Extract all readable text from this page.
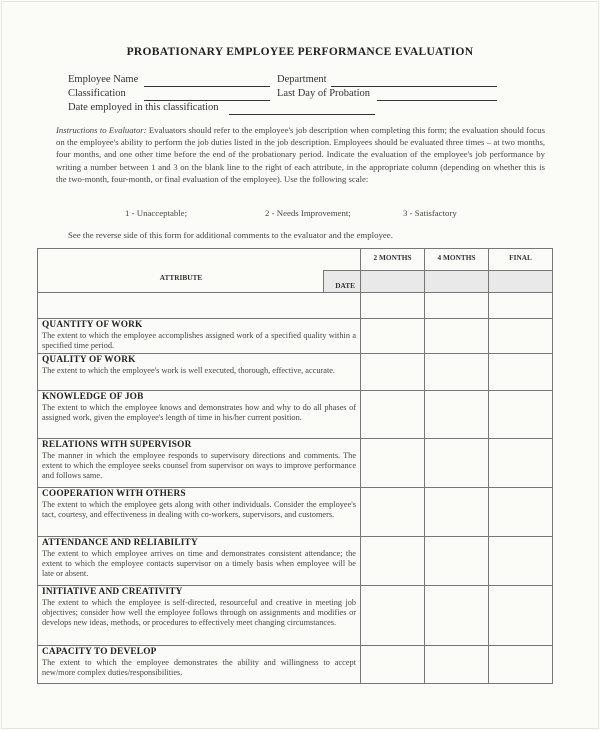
PROBATIONARY EMPLOYEE PERFORMANCE EVALUATION
Employee Name	Department
Classification	Last Day of Probation
Date employed in this classification
Instructions to Evaluator: Evaluators should refer to the employee's job description when completing this form; the evaluation should focus on the employee's ability to perform the job duties listed in the job description. Employees should be evaluated three times – at two months, four months, and one other time before the end of the probationary period. Indicate the evaluation of the employee's job performance by writing a number between 1 and 3 on the blank line to the right of each attribute, in the appropriate column (depending on whether this is the two-month, four-month, or final evaluation of the employee). Use the following scale:
1 - Unacceptable;	2 - Needs Improvement;	3 - Satisfactory
See the reverse side of this form for additional comments to the evaluator and the employee.
ATTRIBUTE
	2 MONTHS	4 MONTHS	FINAL

	DATE			

QUANTITY OF WORK
The extent to which the employee accomplishes assigned work of a specified quality within a specified time period.			

QUALITY OF WORK
The extent to which the employee's work is well executed, thorough, effective, accurate.			

KNOWLEDGE OF JOB
The extent to which the employee knows and demonstrates how and why to do all phases of assigned work, given the employee's length of time in his/her current position.			

RELATIONS WITH SUPERVISOR
The manner in which the employee responds to supervisory directions and comments. The extent to which the employee seeks counsel from supervisor on ways to improve performance and follows same.			

COOPERATION WITH OTHERS
The extent to which the employee gets along with other individuals. Consider the employee's tact, courtesy, and effectiveness in dealing with co-workers, supervisors, and customers.			

ATTENDANCE AND RELIABILITY
The extent to which employee arrives on time and demonstrates consistent attendance; the extent to which the employee contacts supervisor on a timely basis when employee will be late or absent.			

INITIATIVE AND CREATIVITY
The extent to which the employee is self-directed, resourceful and creative in meeting job objectives; consider how well the employee follows through on assignments and modifies or develops new ideas, methods, or procedures to effectively meet changing circumstances.			

CAPACITY TO DEVELOP
The extent to which the employee demonstrates the ability and willingness to accept new/more complex duties/responsibilities.			
